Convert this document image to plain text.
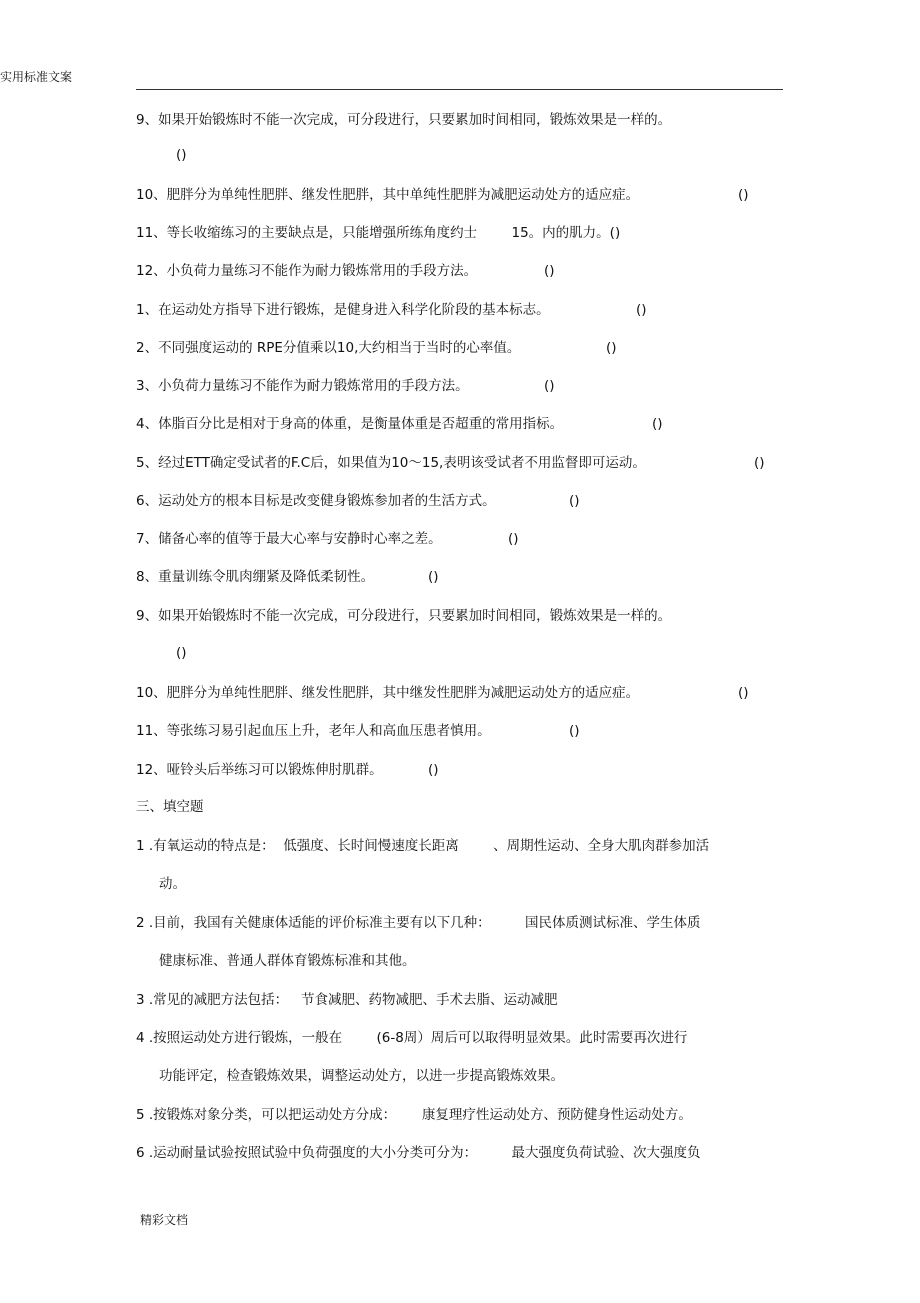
实用标准文案
9、如果开始锻炼时不能一次完成，可分段进行，只要累加时间相同，锻炼效果是一样的。
()
10、肥胖分为单纯性肥胖、继发性肥胖，其中单纯性肥胖为减肥运动处方的适应症。	()
11、等长收缩练习的主要缺点是，只能增强所练角度约士        15。内的肌力。()
12、小负荷力量练习不能作为耐力锻炼常用的手段方法。	()
1、在运动处方指导下进行锻炼，是健身进入科学化阶段的基本标志。	()
2、不同强度运动的 RPE分值乘以10,大约相当于当时的心率值。	()
3、小负荷力量练习不能作为耐力锻炼常用的手段方法。	()
4、体脂百分比是相对于身高的体重，是衡量体重是否超重的常用指标。	()
5、经过ETT确定受试者的F.C后，如果值为10～15,表明该受试者不用监督即可运动。	()
6、运动处方的根本目标是改变健身锻炼参加者的生活方式。	()
7、储备心率的值等于最大心率与安静时心率之差。	()
8、重量训练令肌肉绷紧及降低柔韧性。	()
9、如果开始锻炼时不能一次完成，可分段进行，只要累加时间相同，锻炼效果是一样的。
()
10、肥胖分为单纯性肥胖、继发性肥胖，其中继发性肥胖为减肥运动处方的适应症。	()
11、等张练习易引起血压上升，老年人和高血压患者慎用。	()
12、哑铃头后举练习可以锻炼伸肘肌群。	()
三、填空题
1 .有氧运动的特点是：  低强度、长时间慢速度长距离        、周期性运动、全身大肌肉群参加活
动。
2 .目前，我国有关健康体适能的评价标准主要有以下几种：        国民体质测试标准、学生体质
健康标准、普通人群体育锻炼标准和其他。
3 .常见的减肥方法包括：   节食减肥、药物减肥、手术去脂、运动减肥
4 .按照运动处方进行锻炼，一般在        (6-8周）周后可以取得明显效果。此时需要再次进行
功能评定，检查锻炼效果，调整运动处方，以进一步提高锻炼效果。
5 .按锻炼对象分类，可以把运动处方分成：      康复理疗性运动处方、预防健身性运动处方。
6 .运动耐量试验按照试验中负荷强度的大小分类可分为：        最大强度负荷试验、次大强度负
精彩文档
